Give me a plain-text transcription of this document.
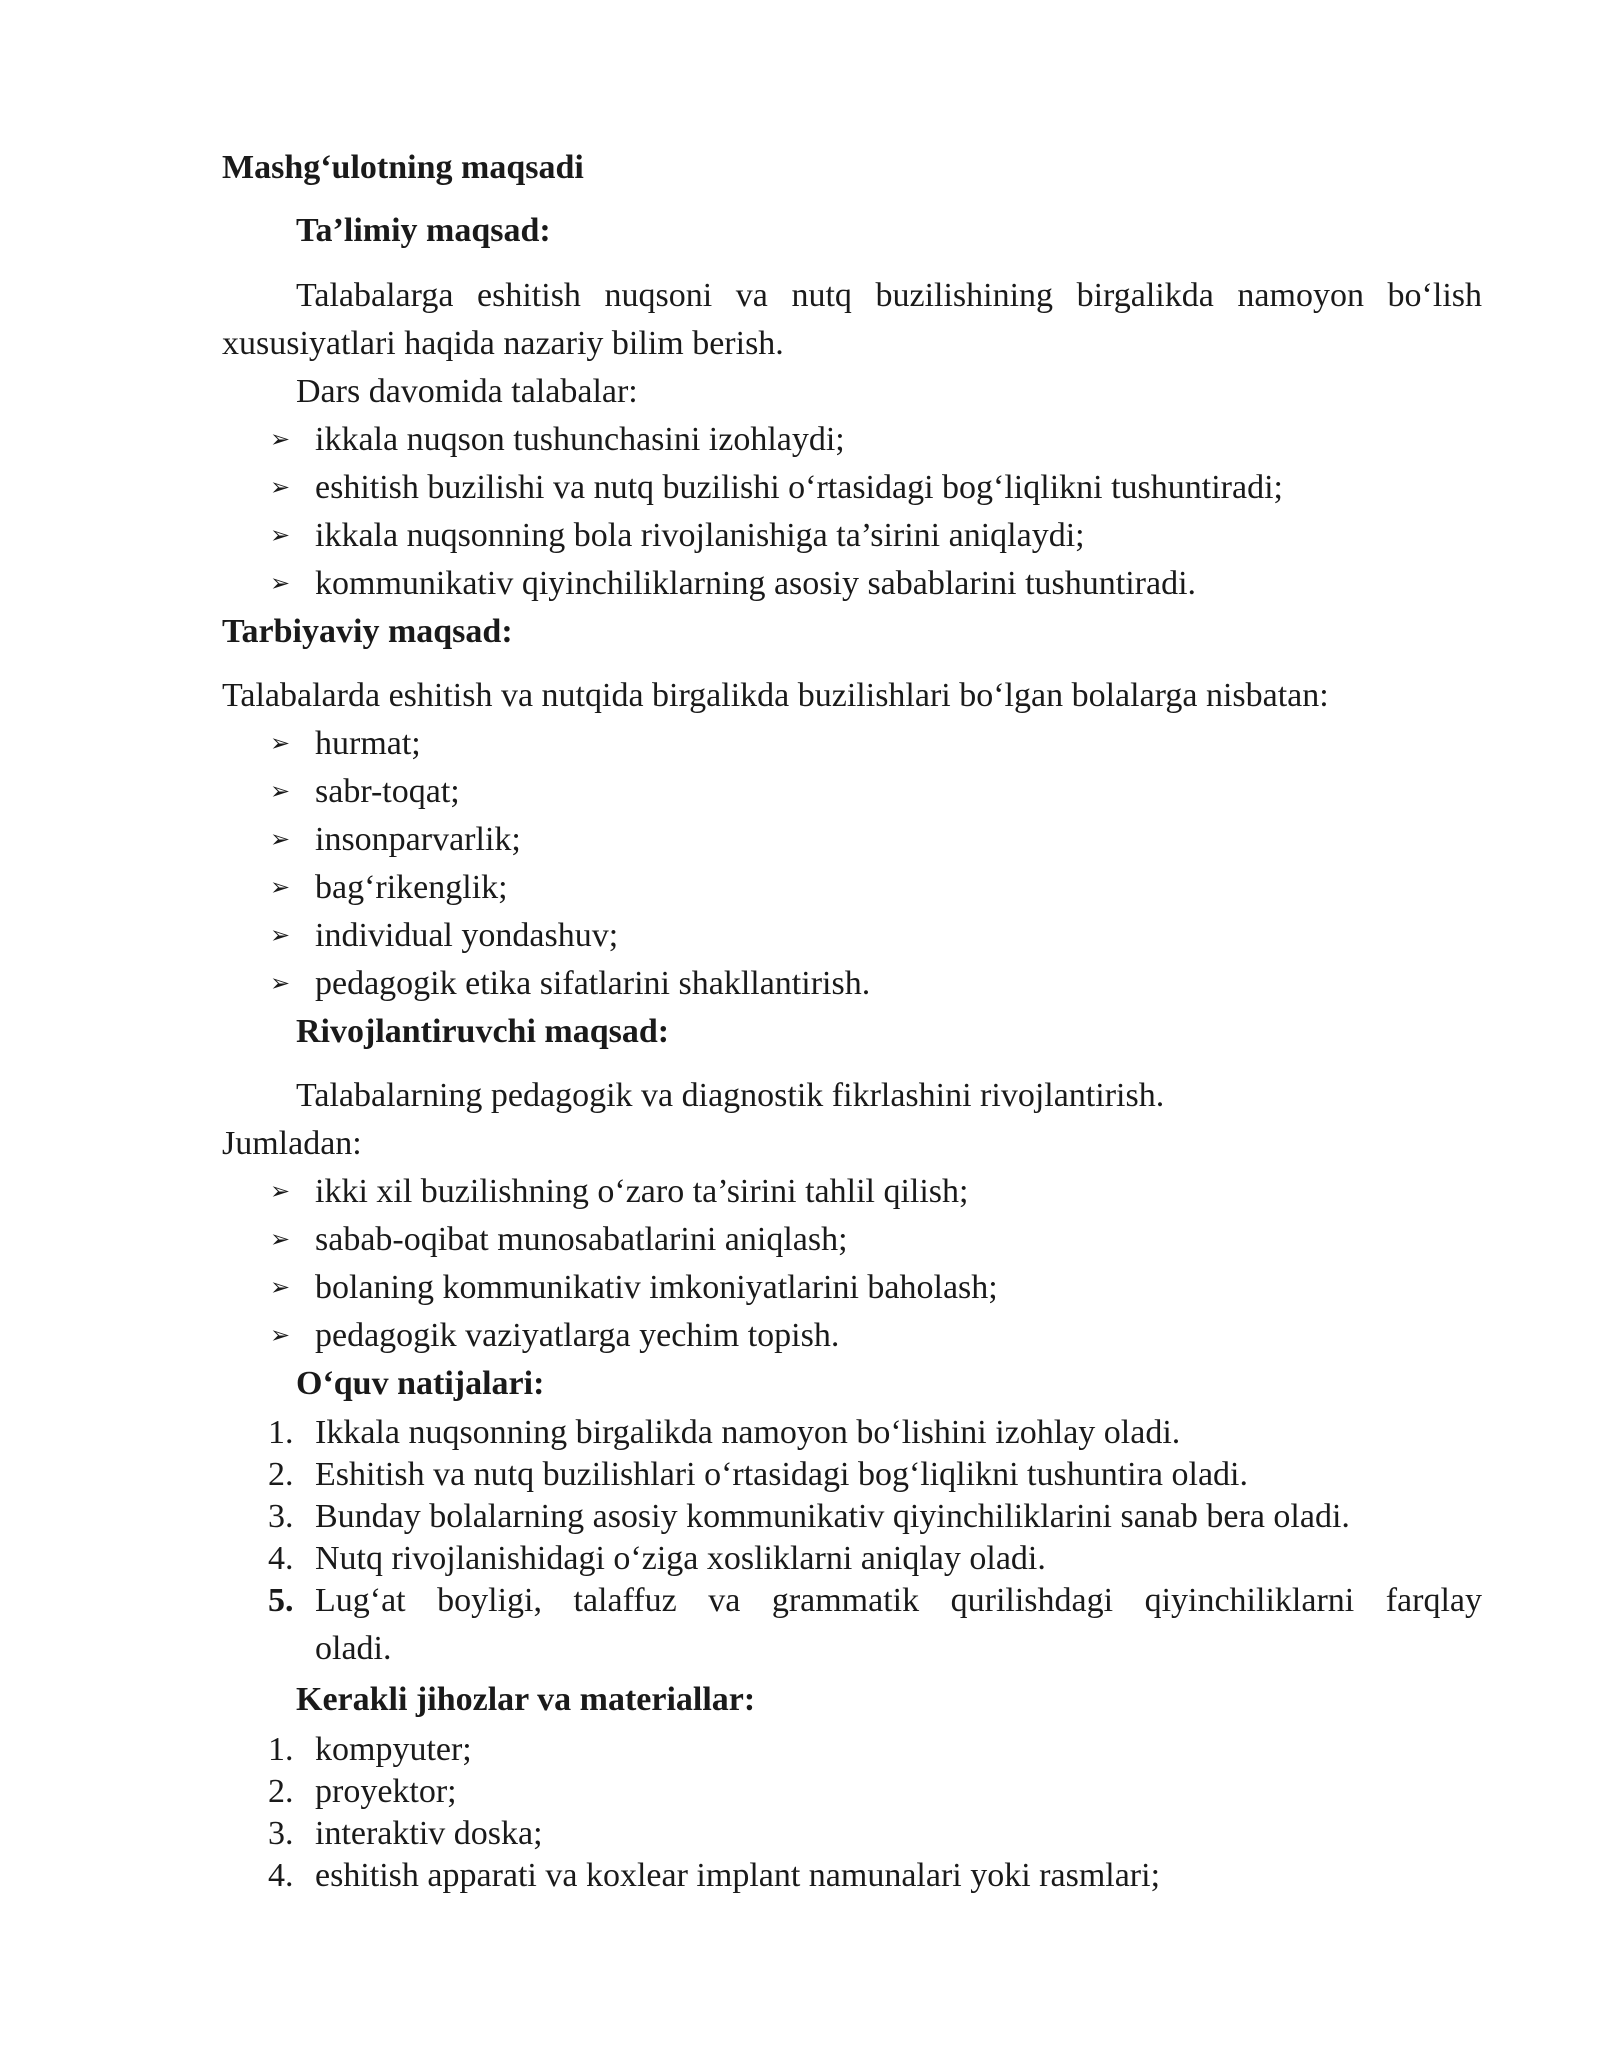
Mashg‘ulotning maqsadi
Ta’limiy maqsad:
Talabalarga eshitish nuqsoni va nutq buzilishining birgalikda namoyon bo‘lish
xususiyatlari haqida nazariy bilim berish.
Dars davomida talabalar:
➢ ikkala nuqson tushunchasini izohlaydi;
➢ eshitish buzilishi va nutq buzilishi o‘rtasidagi bog‘liqlikni tushuntiradi;
➢ ikkala nuqsonning bola rivojlanishiga ta’sirini aniqlaydi;
➢ kommunikativ qiyinchiliklarning asosiy sabablarini tushuntiradi.
Tarbiyaviy maqsad:
Talabalarda eshitish va nutqida birgalikda buzilishlari bo‘lgan bolalarga nisbatan:
➢ hurmat;
➢ sabr-toqat;
➢ insonparvarlik;
➢ bag‘rikenglik;
➢ individual yondashuv;
➢ pedagogik etika sifatlarini shakllantirish.
Rivojlantiruvchi maqsad:
Talabalarning pedagogik va diagnostik fikrlashini rivojlantirish.
Jumladan:
➢ ikki xil buzilishning o‘zaro ta’sirini tahlil qilish;
➢ sabab-oqibat munosabatlarini aniqlash;
➢ bolaning kommunikativ imkoniyatlarini baholash;
➢ pedagogik vaziyatlarga yechim topish.
O‘quv natijalari:
1. Ikkala nuqsonning birgalikda namoyon bo‘lishini izohlay oladi.
2. Eshitish va nutq buzilishlari o‘rtasidagi bog‘liqlikni tushuntira oladi.
3. Bunday bolalarning asosiy kommunikativ qiyinchiliklarini sanab bera oladi.
4. Nutq rivojlanishidagi o‘ziga xosliklarni aniqlay oladi.
5. Lug‘at boyligi, talaffuz va grammatik qurilishdagi qiyinchiliklarni farqlay
oladi.
Kerakli jihozlar va materiallar:
1. kompyuter;
2. proyektor;
3. interaktiv doska;
4. eshitish apparati va koxlear implant namunalari yoki rasmlari;
